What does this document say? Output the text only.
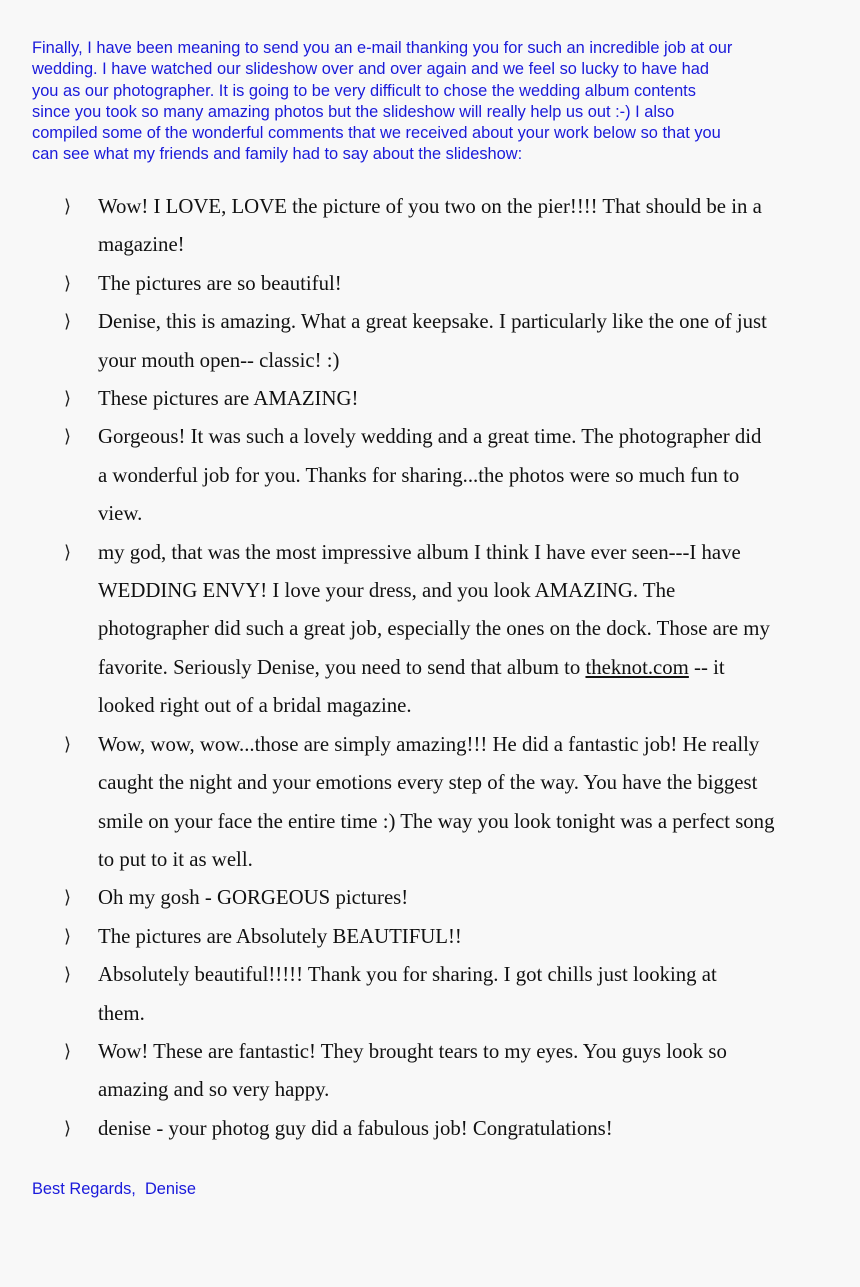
Finally, I have been meaning to send you an e-mail thanking you for such an incredible job at our
wedding. I have watched our slideshow over and over again and we feel so lucky to have had
you as our photographer. It is going to be very difficult to chose the wedding album contents
since you took so many amazing photos but the slideshow will really help us out :-) I also
compiled some of the wonderful comments that we received about your work below so that you
can see what my friends and family had to say about the slideshow:

⟩ Wow! I LOVE, LOVE the picture of you two on the pier!!!! That should be in a
magazine!
⟩ The pictures are so beautiful!
⟩ Denise, this is amazing. What a great keepsake. I particularly like the one of just
your mouth open-- classic! :)
⟩ These pictures are AMAZING!
⟩ Gorgeous! It was such a lovely wedding and a great time. The photographer did
a wonderful job for you. Thanks for sharing...the photos were so much fun to
view.
⟩ my god, that was the most impressive album I think I have ever seen---I have
WEDDING ENVY! I love your dress, and you look AMAZING. The
photographer did such a great job, especially the ones on the dock. Those are my
favorite. Seriously Denise, you need to send that album to theknot.com -- it
looked right out of a bridal magazine.
⟩ Wow, wow, wow...those are simply amazing!!! He did a fantastic job! He really
caught the night and your emotions every step of the way. You have the biggest
smile on your face the entire time :) The way you look tonight was a perfect song
to put to it as well.
⟩ Oh my gosh - GORGEOUS pictures!
⟩ The pictures are Absolutely BEAUTIFUL!!
⟩ Absolutely beautiful!!!!! Thank you for sharing. I got chills just looking at
them.
⟩ Wow! These are fantastic! They brought tears to my eyes. You guys look so
amazing and so very happy.
⟩ denise - your photog guy did a fabulous job! Congratulations!

Best Regards,  Denise
